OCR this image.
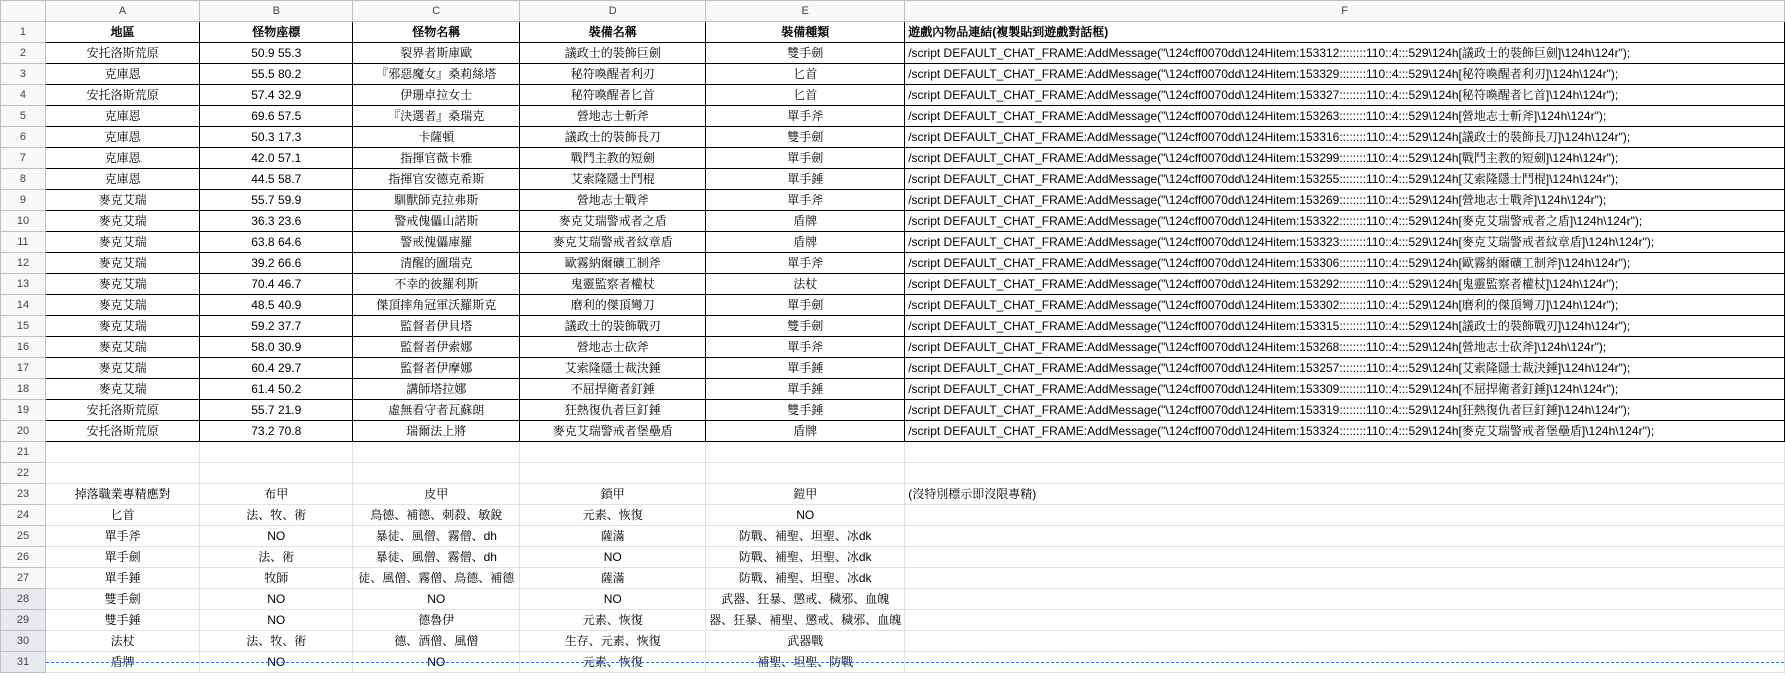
	A	B	C	D	E	F
1	地區	怪物座標	怪物名稱	裝備名稱	裝備種類	遊戲內物品連結(複製貼到遊戲對話框)
2	安托洛斯荒原	50.9 55.3	裂界者斯庫歐	議政士的裝飾巨劍	雙手劍	/script DEFAULT_CHAT_FRAME:AddMessage("\124cff0070dd\124Hitem:153312::::::::110::4:::529\124h[議政士的裝飾巨劍]\124h\124r");
3	克庫恩	55.5 80.2	『邪惡魔女』桑莉絲塔	秘符喚醒者利刃	匕首	/script DEFAULT_CHAT_FRAME:AddMessage("\124cff0070dd\124Hitem:153329::::::::110::4:::529\124h[秘符喚醒者利刃]\124h\124r");
4	安托洛斯荒原	57.4 32.9	伊珊卓拉女士	秘符喚醒者匕首	匕首	/script DEFAULT_CHAT_FRAME:AddMessage("\124cff0070dd\124Hitem:153327::::::::110::4:::529\124h[秘符喚醒者匕首]\124h\124r");
5	克庫恩	69.6 57.5	『決選者』桑瑞克	營地志士斬斧	單手斧	/script DEFAULT_CHAT_FRAME:AddMessage("\124cff0070dd\124Hitem:153263::::::::110::4:::529\124h[營地志士斬斧]\124h\124r");
6	克庫恩	50.3 17.3	卡薩頓	議政士的裝飾長刀	雙手劍	/script DEFAULT_CHAT_FRAME:AddMessage("\124cff0070dd\124Hitem:153316::::::::110::4:::529\124h[議政士的裝飾長刀]\124h\124r");
7	克庫恩	42.0 57.1	指揮官薇卡雅	戰鬥主教的短劍	單手劍	/script DEFAULT_CHAT_FRAME:AddMessage("\124cff0070dd\124Hitem:153299::::::::110::4:::529\124h[戰鬥主教的短劍]\124h\124r");
8	克庫恩	44.5 58.7	指揮官安德克希斯	艾索隆隱士鬥棍	單手錘	/script DEFAULT_CHAT_FRAME:AddMessage("\124cff0070dd\124Hitem:153255::::::::110::4:::529\124h[艾索隆隱士鬥棍]\124h\124r");
9	麥克艾瑞	55.7 59.9	馴獸師克拉弗斯	營地志士戰斧	單手斧	/script DEFAULT_CHAT_FRAME:AddMessage("\124cff0070dd\124Hitem:153269::::::::110::4:::529\124h[營地志士戰斧]\124h\124r");
10	麥克艾瑞	36.3 23.6	警戒傀儡山諾斯	麥克艾瑞警戒者之盾	盾牌	/script DEFAULT_CHAT_FRAME:AddMessage("\124cff0070dd\124Hitem:153322::::::::110::4:::529\124h[麥克艾瑞警戒者之盾]\124h\124r");
11	麥克艾瑞	63.8 64.6	警戒傀儡庫羅	麥克艾瑞警戒者紋章盾	盾牌	/script DEFAULT_CHAT_FRAME:AddMessage("\124cff0070dd\124Hitem:153323::::::::110::4:::529\124h[麥克艾瑞警戒者紋章盾]\124h\124r");
12	麥克艾瑞	39.2 66.6	清醒的圖瑞克	歐霧納爾礦工制斧	單手斧	/script DEFAULT_CHAT_FRAME:AddMessage("\124cff0070dd\124Hitem:153306::::::::110::4:::529\124h[歐霧納爾礦工制斧]\124h\124r");
13	麥克艾瑞	70.4 46.7	不幸的彼羅利斯	鬼靈監察者權杖	法杖	/script DEFAULT_CHAT_FRAME:AddMessage("\124cff0070dd\124Hitem:153292::::::::110::4:::529\124h[鬼靈監察者權杖]\124h\124r");
14	麥克艾瑞	48.5 40.9	傑頂摔角冠軍沃羅斯克	磨利的傑頂彎刀	單手劍	/script DEFAULT_CHAT_FRAME:AddMessage("\124cff0070dd\124Hitem:153302::::::::110::4:::529\124h[磨利的傑頂彎刀]\124h\124r");
15	麥克艾瑞	59.2 37.7	監督者伊貝塔	議政士的裝飾戰刃	雙手劍	/script DEFAULT_CHAT_FRAME:AddMessage("\124cff0070dd\124Hitem:153315::::::::110::4:::529\124h[議政士的裝飾戰刃]\124h\124r");
16	麥克艾瑞	58.0 30.9	監督者伊索娜	營地志士砍斧	單手斧	/script DEFAULT_CHAT_FRAME:AddMessage("\124cff0070dd\124Hitem:153268::::::::110::4:::529\124h[營地志士砍斧]\124h\124r");
17	麥克艾瑞	60.4 29.7	監督者伊摩娜	艾索隆隱士裁決錘	單手錘	/script DEFAULT_CHAT_FRAME:AddMessage("\124cff0070dd\124Hitem:153257::::::::110::4:::529\124h[艾索隆隱士裁決錘]\124h\124r");
18	麥克艾瑞	61.4 50.2	講師塔拉娜	不屈捍衛者釘錘	單手錘	/script DEFAULT_CHAT_FRAME:AddMessage("\124cff0070dd\124Hitem:153309::::::::110::4:::529\124h[不屈捍衛者釘錘]\124h\124r");
19	安托洛斯荒原	55.7 21.9	虛無看守者瓦蘇朗	狂熱復仇者巨釘錘	雙手錘	/script DEFAULT_CHAT_FRAME:AddMessage("\124cff0070dd\124Hitem:153319::::::::110::4:::529\124h[狂熱復仇者巨釘錘]\124h\124r");
20	安托洛斯荒原	73.2 70.8	瑞爾法上將	麥克艾瑞警戒者堡壘盾	盾牌	/script DEFAULT_CHAT_FRAME:AddMessage("\124cff0070dd\124Hitem:153324::::::::110::4:::529\124h[麥克艾瑞警戒者堡壘盾]\124h\124r");
21						
22						
23	掉落職業專精應對	布甲	皮甲	鎖甲	鎧甲	(沒特別標示即沒限專精)
24	匕首	法、牧、術	鳥德、補德、刺殺、敏銳	元素、恢復	NO	
25	單手斧	NO	暴徒、風僧、霧僧、dh	薩滿	防戰、補聖、坦聖、冰dk	
26	單手劍	法、術	暴徒、風僧、霧僧、dh	NO	防戰、補聖、坦聖、冰dk	
27	單手錘	牧師	徒、風僧、霧僧、鳥德、補德	薩滿	防戰、補聖、坦聖、冰dk	
28	雙手劍	NO	NO	NO	武器、狂暴、懲戒、穢邪、血魄	
29	雙手錘	NO	德魯伊	元素、恢復	器、狂暴、補聖、懲戒、穢邪、血魄	
30	法杖	法、牧、術	德、酒僧、風僧	生存、元素、恢復	武器戰	
31	盾牌	NO	NO	元素、恢復	補聖、坦聖、防戰	
